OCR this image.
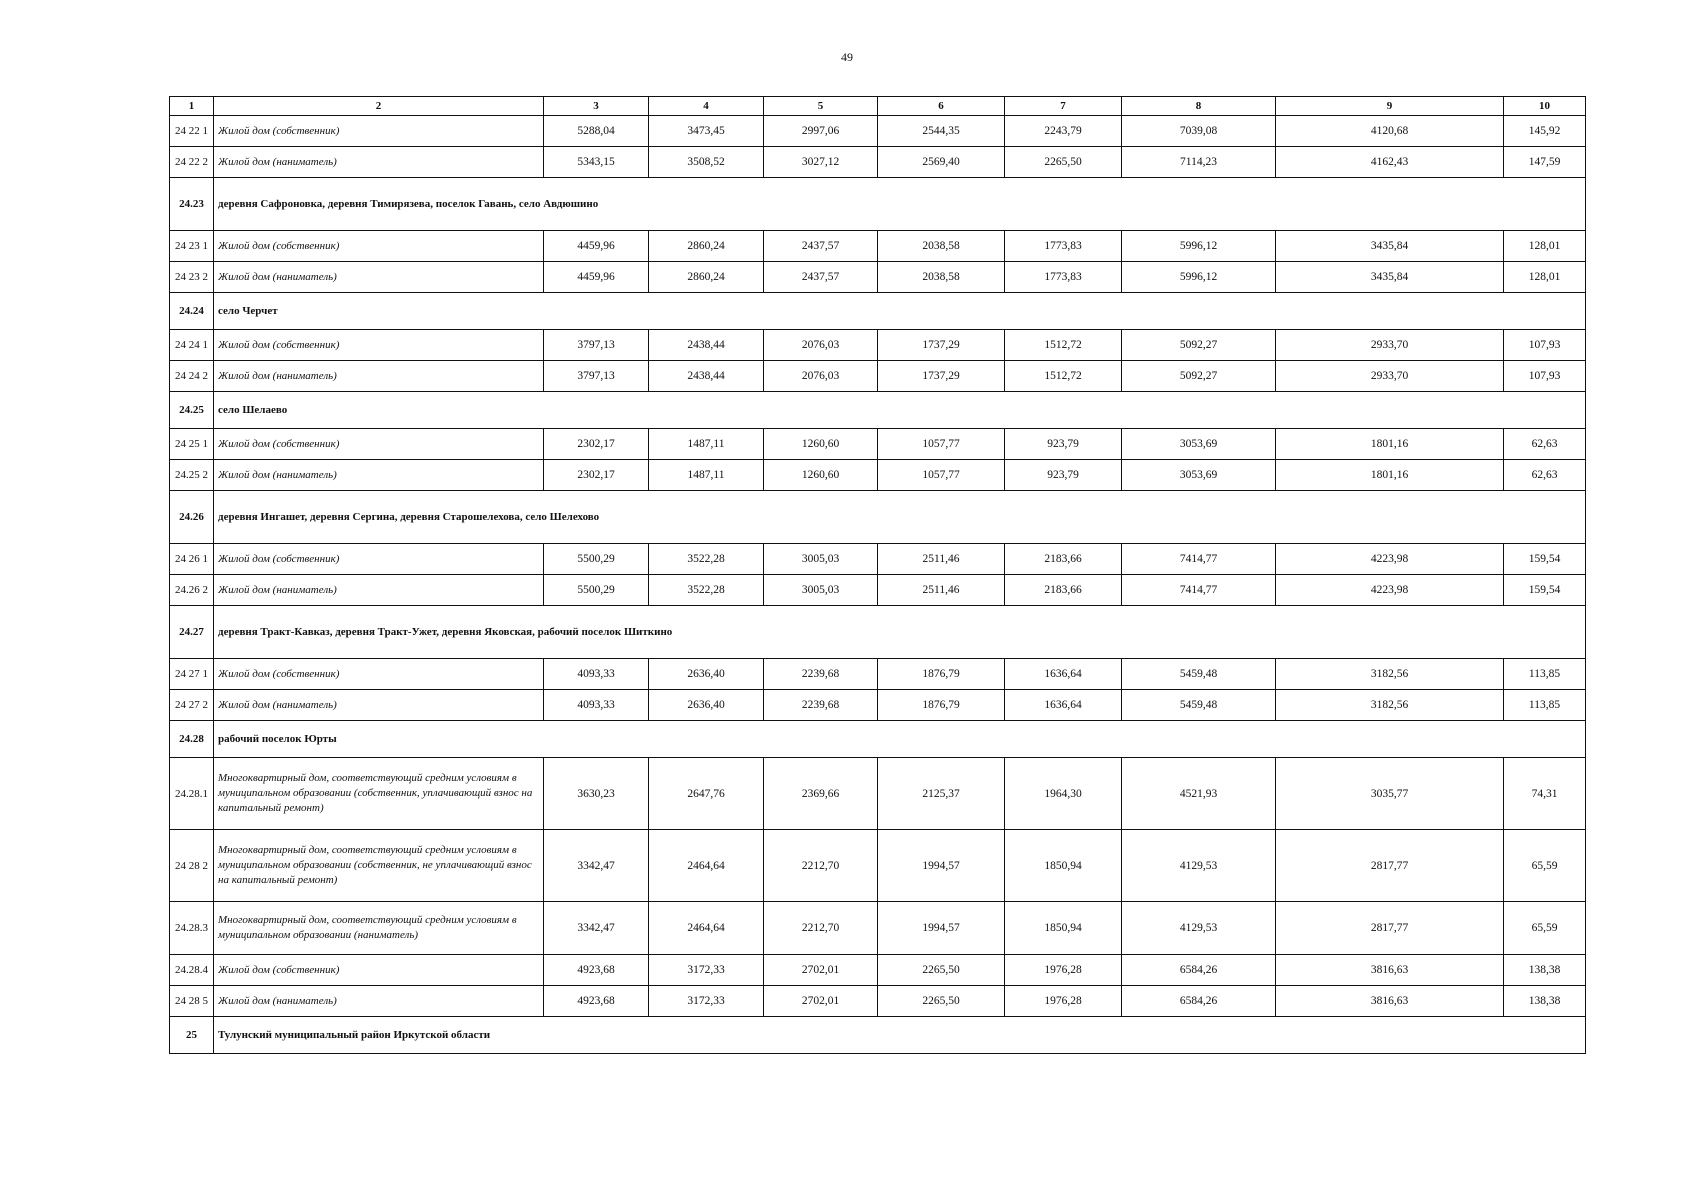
49
1	2	3	4	5	6	7	8	9	10
24 22 1	Жилой дом (собственник)	5288,04	3473,45	2997,06	2544,35	2243,79	7039,08	4120,68	145,92
24 22 2	Жилой дом (наниматель)	5343,15	3508,52	3027,12	2569,40	2265,50	7114,23	4162,43	147,59
24.23	деревня Сафроновка, деревня Тимирязева, поселок Гавань, село Авдюшино								
24 23 1	Жилой дом (собственник)	4459,96	2860,24	2437,57	2038,58	1773,83	5996,12	3435,84	128,01
24 23 2	Жилой дом (наниматель)	4459,96	2860,24	2437,57	2038,58	1773,83	5996,12	3435,84	128,01
24.24	село Черчет								
24 24 1	Жилой дом (собственник)	3797,13	2438,44	2076,03	1737,29	1512,72	5092,27	2933,70	107,93
24 24 2	Жилой дом (наниматель)	3797,13	2438,44	2076,03	1737,29	1512,72	5092,27	2933,70	107,93
24.25	село Шелаево								
24 25 1	Жилой дом (собственник)	2302,17	1487,11	1260,60	1057,77	923,79	3053,69	1801,16	62,63
24.25 2	Жилой дом (наниматель)	2302,17	1487,11	1260,60	1057,77	923,79	3053,69	1801,16	62,63
24.26	деревня Ингашет, деревня Сергина, деревня Старошелехова, село Шелехово								
24 26 1	Жилой дом (собственник)	5500,29	3522,28	3005,03	2511,46	2183,66	7414,77	4223,98	159,54
24.26 2	Жилой дом (наниматель)	5500,29	3522,28	3005,03	2511,46	2183,66	7414,77	4223,98	159,54
24.27	деревня Тракт-Кавказ, деревня Тракт-Ужет, деревня Яковская, рабочий поселок Шиткино								
24 27 1	Жилой дом (собственник)	4093,33	2636,40	2239,68	1876,79	1636,64	5459,48	3182,56	113,85
24 27 2	Жилой дом (наниматель)	4093,33	2636,40	2239,68	1876,79	1636,64	5459,48	3182,56	113,85
24.28	рабочий поселок Юрты								
24.28.1	Многоквартирный дом, соответствующий средним условиям в муниципальном образовании (собственник, уплачивающий взнос на капитальный ремонт)	3630,23	2647,76	2369,66	2125,37	1964,30	4521,93	3035,77	74,31
24 28 2	Многоквартирный дом, соответствующий средним условиям в муниципальном образовании (собственник, не уплачивающий взнос на капитальный ремонт)	3342,47	2464,64	2212,70	1994,57	1850,94	4129,53	2817,77	65,59
24.28.3	Многоквартирный дом, соответствующий средним условиям в муниципальном образовании (наниматель)	3342,47	2464,64	2212,70	1994,57	1850,94	4129,53	2817,77	65,59
24.28.4	Жилой дом (собственник)	4923,68	3172,33	2702,01	2265,50	1976,28	6584,26	3816,63	138,38
24 28 5	Жилой дом (наниматель)	4923,68	3172,33	2702,01	2265,50	1976,28	6584,26	3816,63	138,38
25	Тулунский муниципальный район Иркутской области								
